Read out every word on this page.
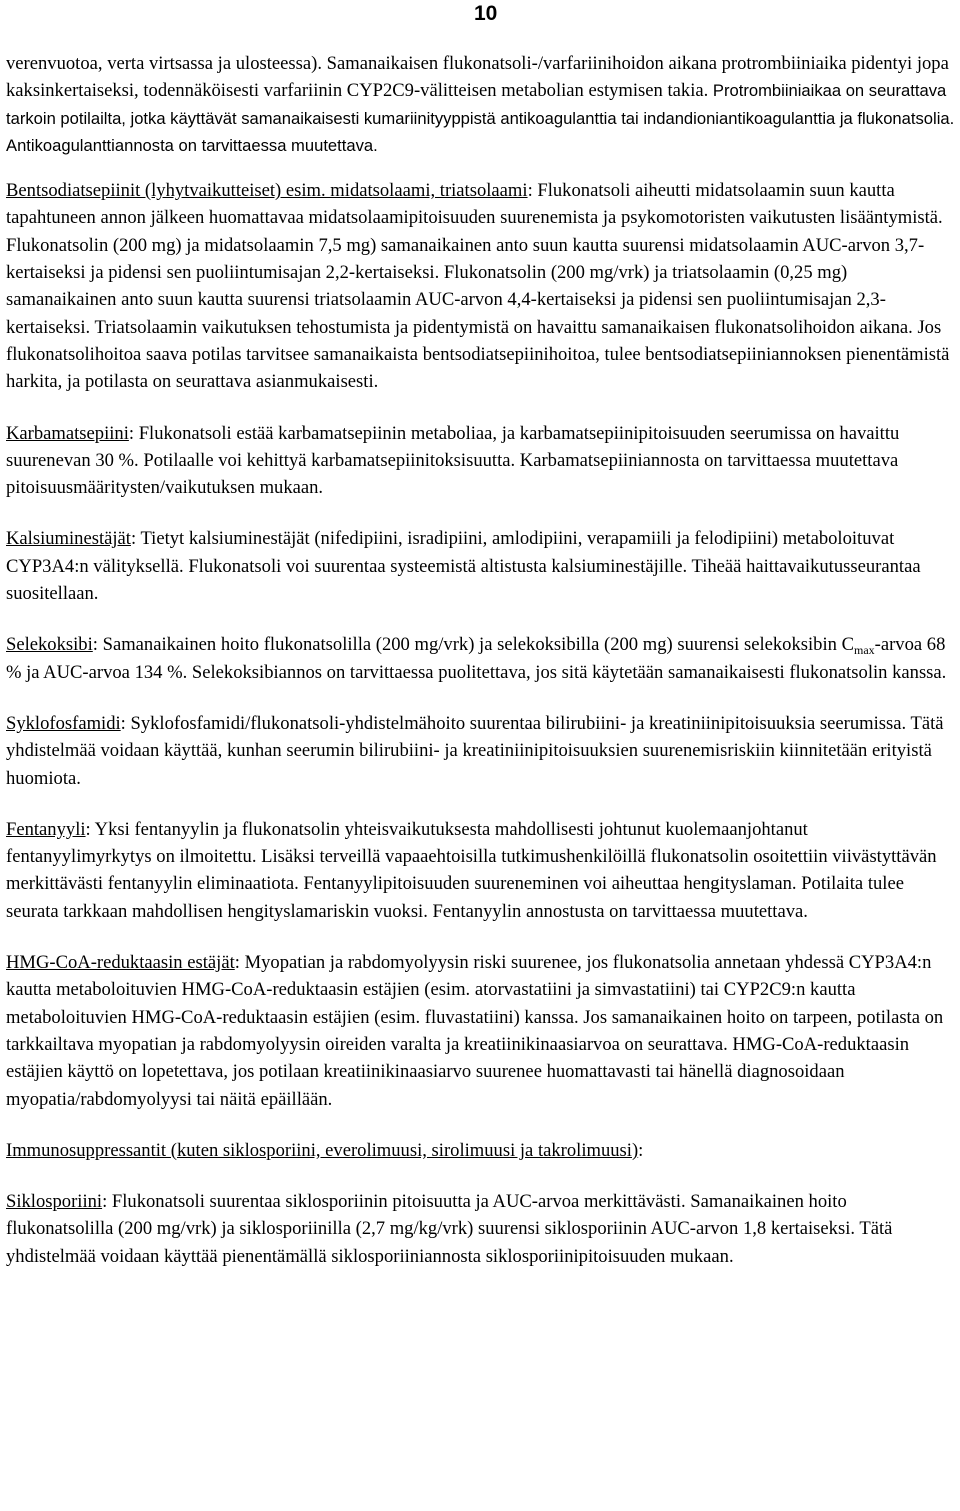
10

verenvuotoa, verta virtsassa ja ulosteessa). Samanaikaisen flukonatsoli-/varfariinihoidon aikana protrombiiniaika pidentyi jopa kaksinkertaiseksi, todennäköisesti varfariinin CYP2C9-välitteisen metabolian estymisen takia. Protrombiiniaikaa on seurattava tarkoin potilailta, jotka käyttävät samanaikaisesti kumariinityyppistä antikoagulanttia tai indandioniantikoagulanttia ja flukonatsolia. Antikoagulanttiannosta on tarvittaessa muutettava.

Bentsodiatsepiinit (lyhytvaikutteiset) esim. midatsolaami, triatsolaami: Flukonatsoli aiheutti midatsolaamin suun kautta tapahtuneen annon jälkeen huomattavaa midatsolaamipitoisuuden suurenemista ja psykomotoristen vaikutusten lisääntymistä. Flukonatsolin (200 mg) ja midatsolaamin 7,5 mg) samanaikainen anto suun kautta suurensi midatsolaamin AUC-arvon 3,7-kertaiseksi ja pidensi sen puoliintumisajan 2,2-kertaiseksi. Flukonatsolin (200 mg/vrk) ja triatsolaamin (0,25 mg) samanaikainen anto suun kautta suurensi triatsolaamin AUC-arvon 4,4-kertaiseksi ja pidensi sen puoliintumisajan 2,3-kertaiseksi. Triatsolaamin vaikutuksen tehostumista ja pidentymistä on havaittu samanaikaisen flukonatsolihoidon aikana. Jos flukonatsolihoitoa saava potilas tarvitsee samanaikaista bentsodiatsepiinihoitoa, tulee bentsodiatsepiiniannoksen pienentämistä harkita, ja potilasta on seurattava asianmukaisesti.

Karbamatsepiini: Flukonatsoli estää karbamatsepiinin metaboliaa, ja karbamatsepiinipitoisuuden seerumissa on havaittu suurenevan 30 %. Potilaalle voi kehittyä karbamatsepiinitoksisuutta. Karbamatsepiiniannosta on tarvittaessa muutettava pitoisuusmääritysten/vaikutuksen mukaan.

Kalsiuminestäjät: Tietyt kalsiuminestäjät (nifedipiini, isradipiini, amlodipiini, verapamiili ja felodipiini) metaboloituvat CYP3A4:n välityksellä. Flukonatsoli voi suurentaa systeemistä altistusta kalsiuminestäjille. Tiheää haittavaikutusseurantaa suositellaan.

Selekoksibi: Samanaikainen hoito flukonatsolilla (200 mg/vrk) ja selekoksibilla (200 mg) suurensi selekoksibin $C_{max}$-arvoa 68 % ja AUC-arvoa 134 %. Selekoksibiannos on tarvittaessa puolitettava, jos sitä käytetään samanaikaisesti flukonatsolin kanssa.

Syklofosfamidi: Syklofosfamidi/flukonatsoli-yhdistelmähoito suurentaa bilirubiini- ja kreatiniinipitoisuuksia seerumissa. Tätä yhdistelmää voidaan käyttää, kunhan seerumin bilirubiini- ja kreatiniinipitoisuuksien suurenemisriskiin kiinnitetään erityistä huomiota.

Fentanyyli: Yksi fentanyylin ja flukonatsolin yhteisvaikutuksesta mahdollisesti johtunut kuolemaanjohtanut fentanyylimyrkytys on ilmoitettu. Lisäksi terveillä vapaaehtoisilla tutkimushenkilöillä flukonatsolin osoitettiin viivästyttävän merkittävästi fentanyylin eliminaatiota. Fentanyylipitoisuuden suureneminen voi aiheuttaa hengityslaman. Potilaita tulee seurata tarkkaan mahdollisen hengityslamariskin vuoksi. Fentanyylin annostusta on tarvittaessa muutettava.

HMG-CoA-reduktaasin estäjät: Myopatian ja rabdomyolyysin riski suurenee, jos flukonatsolia annetaan yhdessä CYP3A4:n kautta metaboloituvien HMG-CoA-reduktaasin estäjien (esim. atorvastatiini ja simvastatiini) tai CYP2C9:n kautta metaboloituvien HMG-CoA-reduktaasin estäjien (esim. fluvastatiini) kanssa. Jos samanaikainen hoito on tarpeen, potilasta on tarkkailtava myopatian ja rabdomyolyysin oireiden varalta ja kreatiinikinaasiarvoa on seurattava. HMG-CoA-reduktaasin estäjien käyttö on lopetettava, jos potilaan kreatiinikinaasiarvo suurenee huomattavasti tai hänellä diagnosoidaan myopatia/rabdomyolyysi tai näitä epäillään.

Immunosuppressantit (kuten siklosporiini, everolimuusi, sirolimuusi ja takrolimuusi):

Siklosporiini: Flukonatsoli suurentaa siklosporiinin pitoisuutta ja AUC-arvoa merkittävästi. Samanaikainen hoito flukonatsolilla (200 mg/vrk) ja siklosporiinilla (2,7 mg/kg/vrk) suurensi siklosporiinin AUC-arvon 1,8 kertaiseksi. Tätä yhdistelmää voidaan käyttää pienentämällä siklosporiiniannosta siklosporiinipitoisuuden mukaan.
